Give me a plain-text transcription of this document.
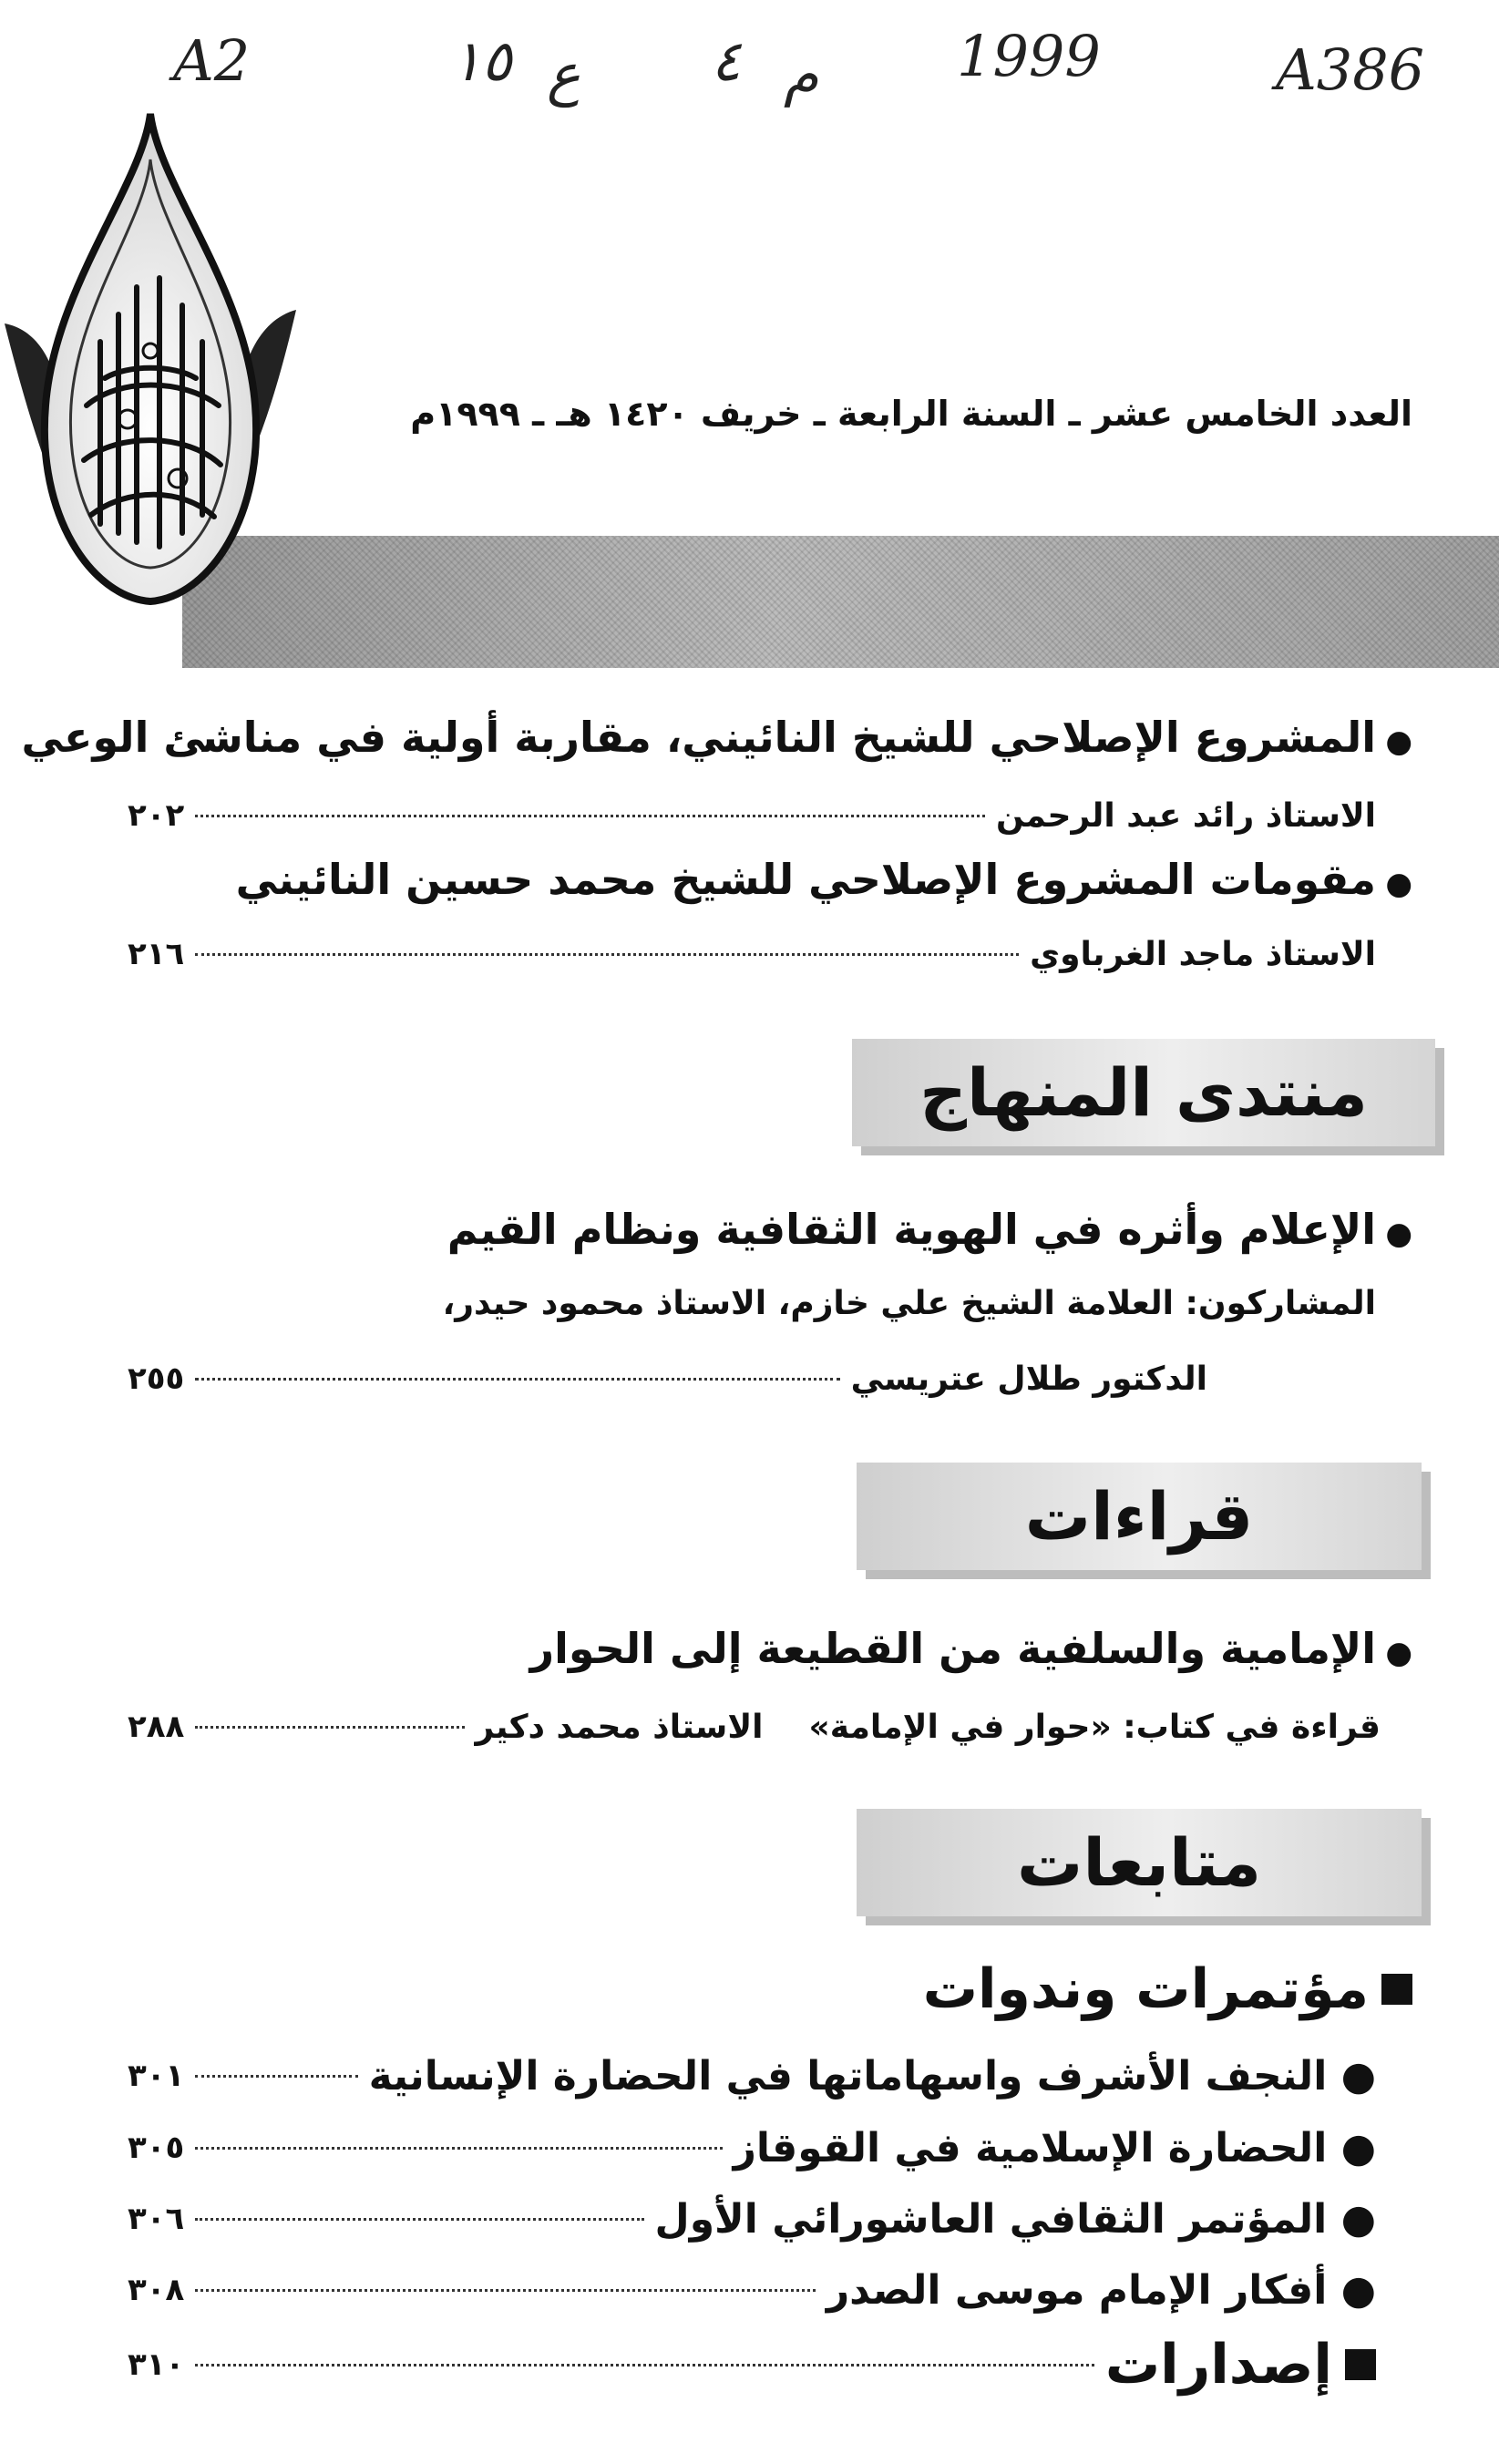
A2	١٥ ع ٤ م 1999	A386
العدد الخامس عشر ـ السنة الرابعة ـ خريف ١٤٢٠ هـ ـ ١٩٩٩م
●
المشروع الإصلاحي للشيخ النائيني، مقاربة أولية في مناشئ الوعي
الاستاذ رائد عبد الرحمن
٢٠٢
●
مقومات المشروع الإصلاحي للشيخ محمد حسين النائيني
الاستاذ ماجد الغرباوي
٢١٦
منتدى المنهاج
●
الإعلام وأثره في الهوية الثقافية ونظام القيم
المشاركون: العلامة الشيخ علي خازم، الاستاذ محمود حيدر،
الدكتور طلال عتريسي
٢٥٥
قراءات
●
الإمامية والسلفية من القطيعة إلى الحوار
قراءة في كتاب: «حوار في الإمامة»
الاستاذ محمد دكير
٢٨٨
متابعات
مؤتمرات وندوات
● النجف الأشرف واسهاماتها في الحضارة الإنسانية
٣٠١
● الحضارة الإسلامية في القوقاز
٣٠٥
● المؤتمر الثقافي العاشورائي الأول
٣٠٦
● أفكار الإمام موسى الصدر
٣٠٨
إصدارات
٣١٠
